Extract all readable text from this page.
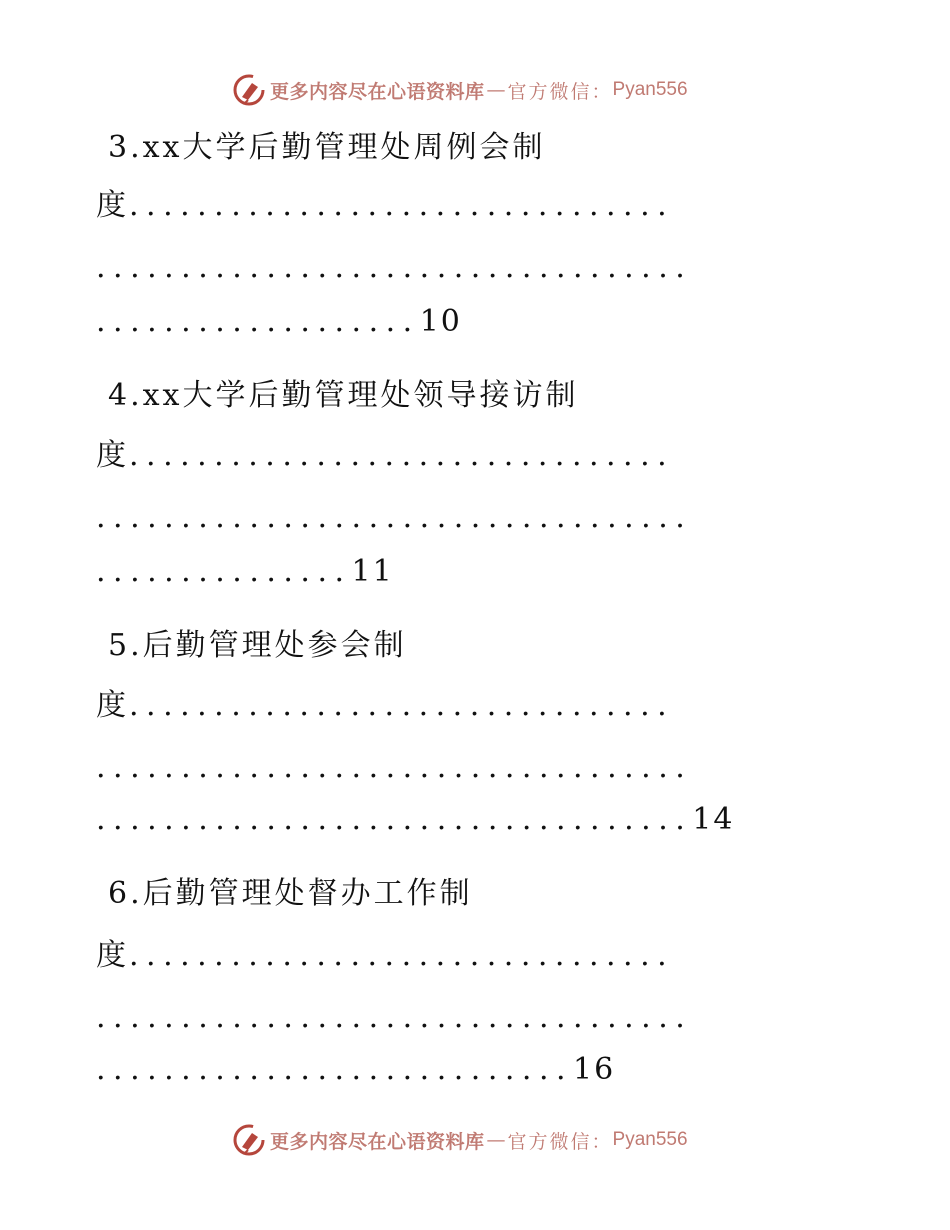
更多内容尽在心语资料库 — 官方微信： Pyan556
3.xx大学后勤管理处周例会制
度................................
...................................
...................10
4.xx大学后勤管理处领导接访制
度................................
...................................
...............11
5.后勤管理处参会制
度................................
...................................
...................................14
6.后勤管理处督办工作制
度................................
...................................
............................16
更多内容尽在心语资料库 — 官方微信： Pyan556
